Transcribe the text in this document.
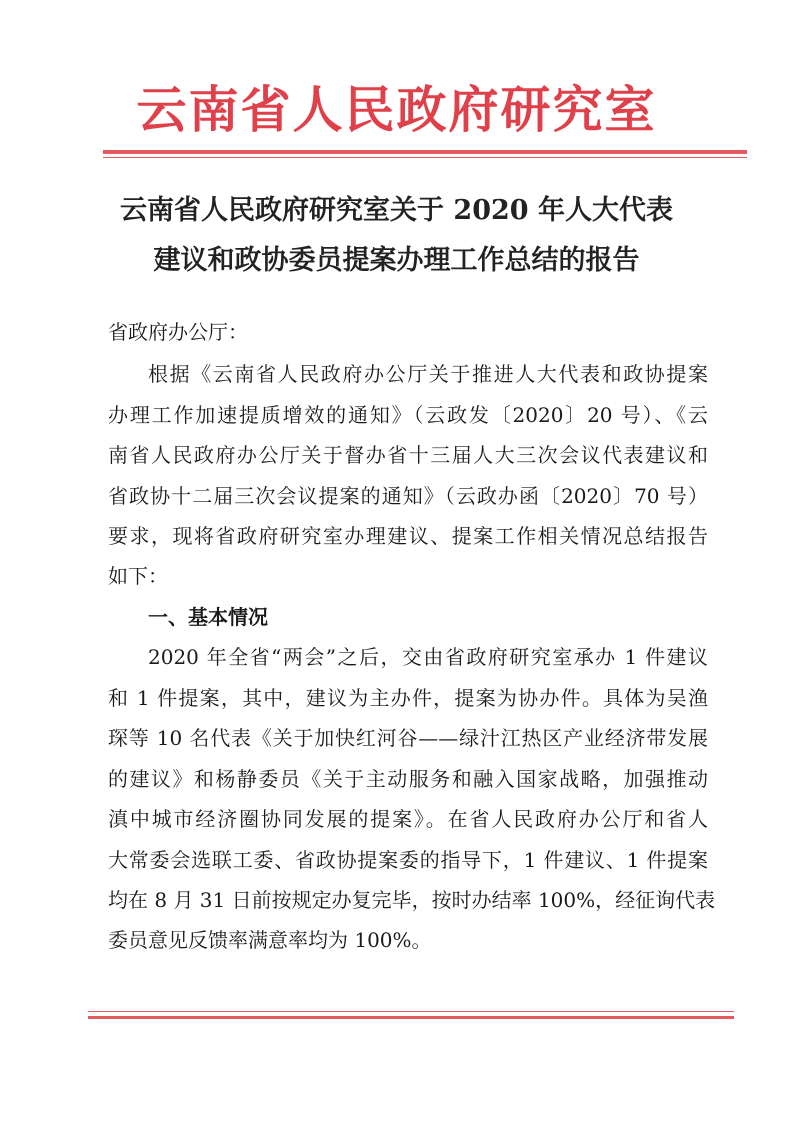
云南省人民政府研究室
云南省人民政府研究室关于 2020 年人大代表
建议和政协委员提案办理工作总结的报告
省政府办公厅：
根据《云南省人民政府办公厅关于推进人大代表和政协提案
办理工作加速提质增效的通知》（云政发〔2020〕20 号）、《云
南省人民政府办公厅关于督办省十三届人大三次会议代表建议和
省政协十二届三次会议提案的通知》（云政办函〔2020〕70 号）
要求，现将省政府研究室办理建议、提案工作相关情况总结报告
如下：
一、基本情况
2020 年全省“两会”之后，交由省政府研究室承办 1 件建议
和 1 件提案，其中，建议为主办件，提案为协办件。具体为吴渔
琛等 10 名代表《关于加快红河谷——绿汁江热区产业经济带发展
的建议》和杨静委员《关于主动服务和融入国家战略，加强推动
滇中城市经济圈协同发展的提案》。在省人民政府办公厅和省人
大常委会选联工委、省政协提案委的指导下，1 件建议、1 件提案
均在 8 月 31 日前按规定办复完毕，按时办结率 100%，经征询代表
委员意见反馈率满意率均为 100%。
